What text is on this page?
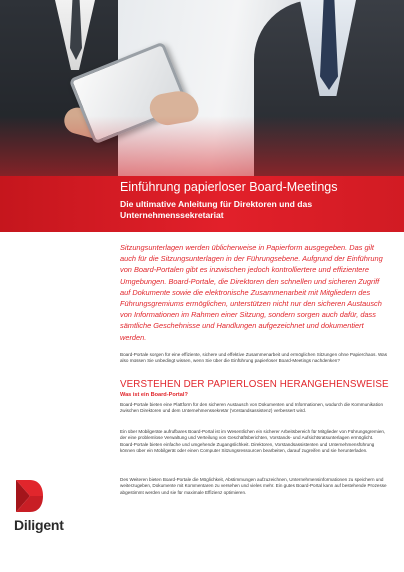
Einführung papierloser Board-Meetings
Die ultimative Anleitung für Direktoren und das Unternehmenssekretariat

Sitzungsunterlagen werden üblicherweise in Papierform ausgegeben. Das gilt auch für die Sitzungsunterlagen in der Führungsebene. Aufgrund der Einführung von Board-Portalen gibt es inzwischen jedoch kontrolliertere und effizientere Umgebungen. Board-Portale, die Direktoren den schnellen und sicheren Zugriff auf Dokumente sowie die elektronische Zusammenarbeit mit Mitgliedern des Führungsgremiums ermöglichen, unterstützen nicht nur den sicheren Austausch von Informationen im Rahmen einer Sitzung, sondern sorgen auch dafür, dass sämtliche Geschehnisse und Handlungen aufgezeichnet und dokumentiert werden.

Board-Portale sorgen für eine effiziente, sichere und effektive Zusammenarbeit und ermöglichen Sitzungen ohne Papierchaos. Was also müssen Sie unbedingt wissen, wenn Sie über die Einführung papierloser Board-Meetings nachdenken?

VERSTEHEN DER PAPIERLOSEN HERANGEHENSWEISE
Was ist ein Board-Portal?

Board-Portale bieten eine Plattform für den sicheren Austausch von Dokumenten und Informationen, wodurch die Kommunikation zwischen Direktoren und dem Unternehmenssekretär (Vorstandsassistenz) verbessert wird.

Ein über Mobilgeräte aufrufbares Board-Portal ist im Wesentlichen ein sicherer Arbeitsbereich für Mitglieder von Führungsgremien, der eine problemlose Verwaltung und Verteilung von Geschäftsberichten, Vorstands- und Aufsichtsratsunterlagen ermöglicht. Board-Portale bieten einfache und umgehende Zugangslichkeit. Direktoren, Vorstandsassistenten und Unternehmensführung können über ein Mobilgerät oder einen Computer Sitzungsressourcen bearbeiten, darauf zugreifen und sie herunterladen.

Des Weiteren bieten Board-Portale die Möglichkeit, Abstimmungen aufzuzeichnen, Unternehmensinformationen zu speichern und weiterzugeben, Dokumente mit Kommentaren zu versehen und vieles mehr. Ein gutes Board-Portal kann auf bestehende Prozesse abgestimmt werden und sie für maximale Effizienz optimieren.

Diligent
